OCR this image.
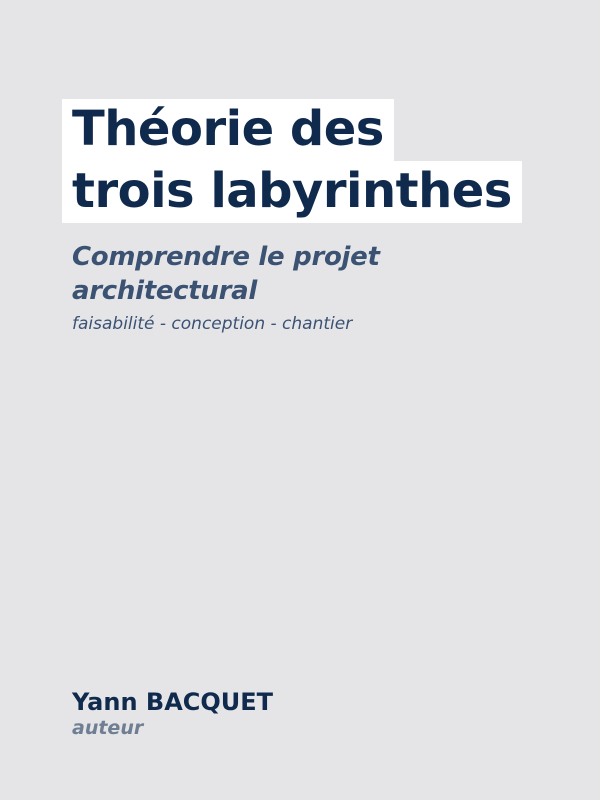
Théorie des
trois labyrinthes

Comprendre le projet architectural

faisabilité - conception - chantier

Yann BACQUET

auteur
